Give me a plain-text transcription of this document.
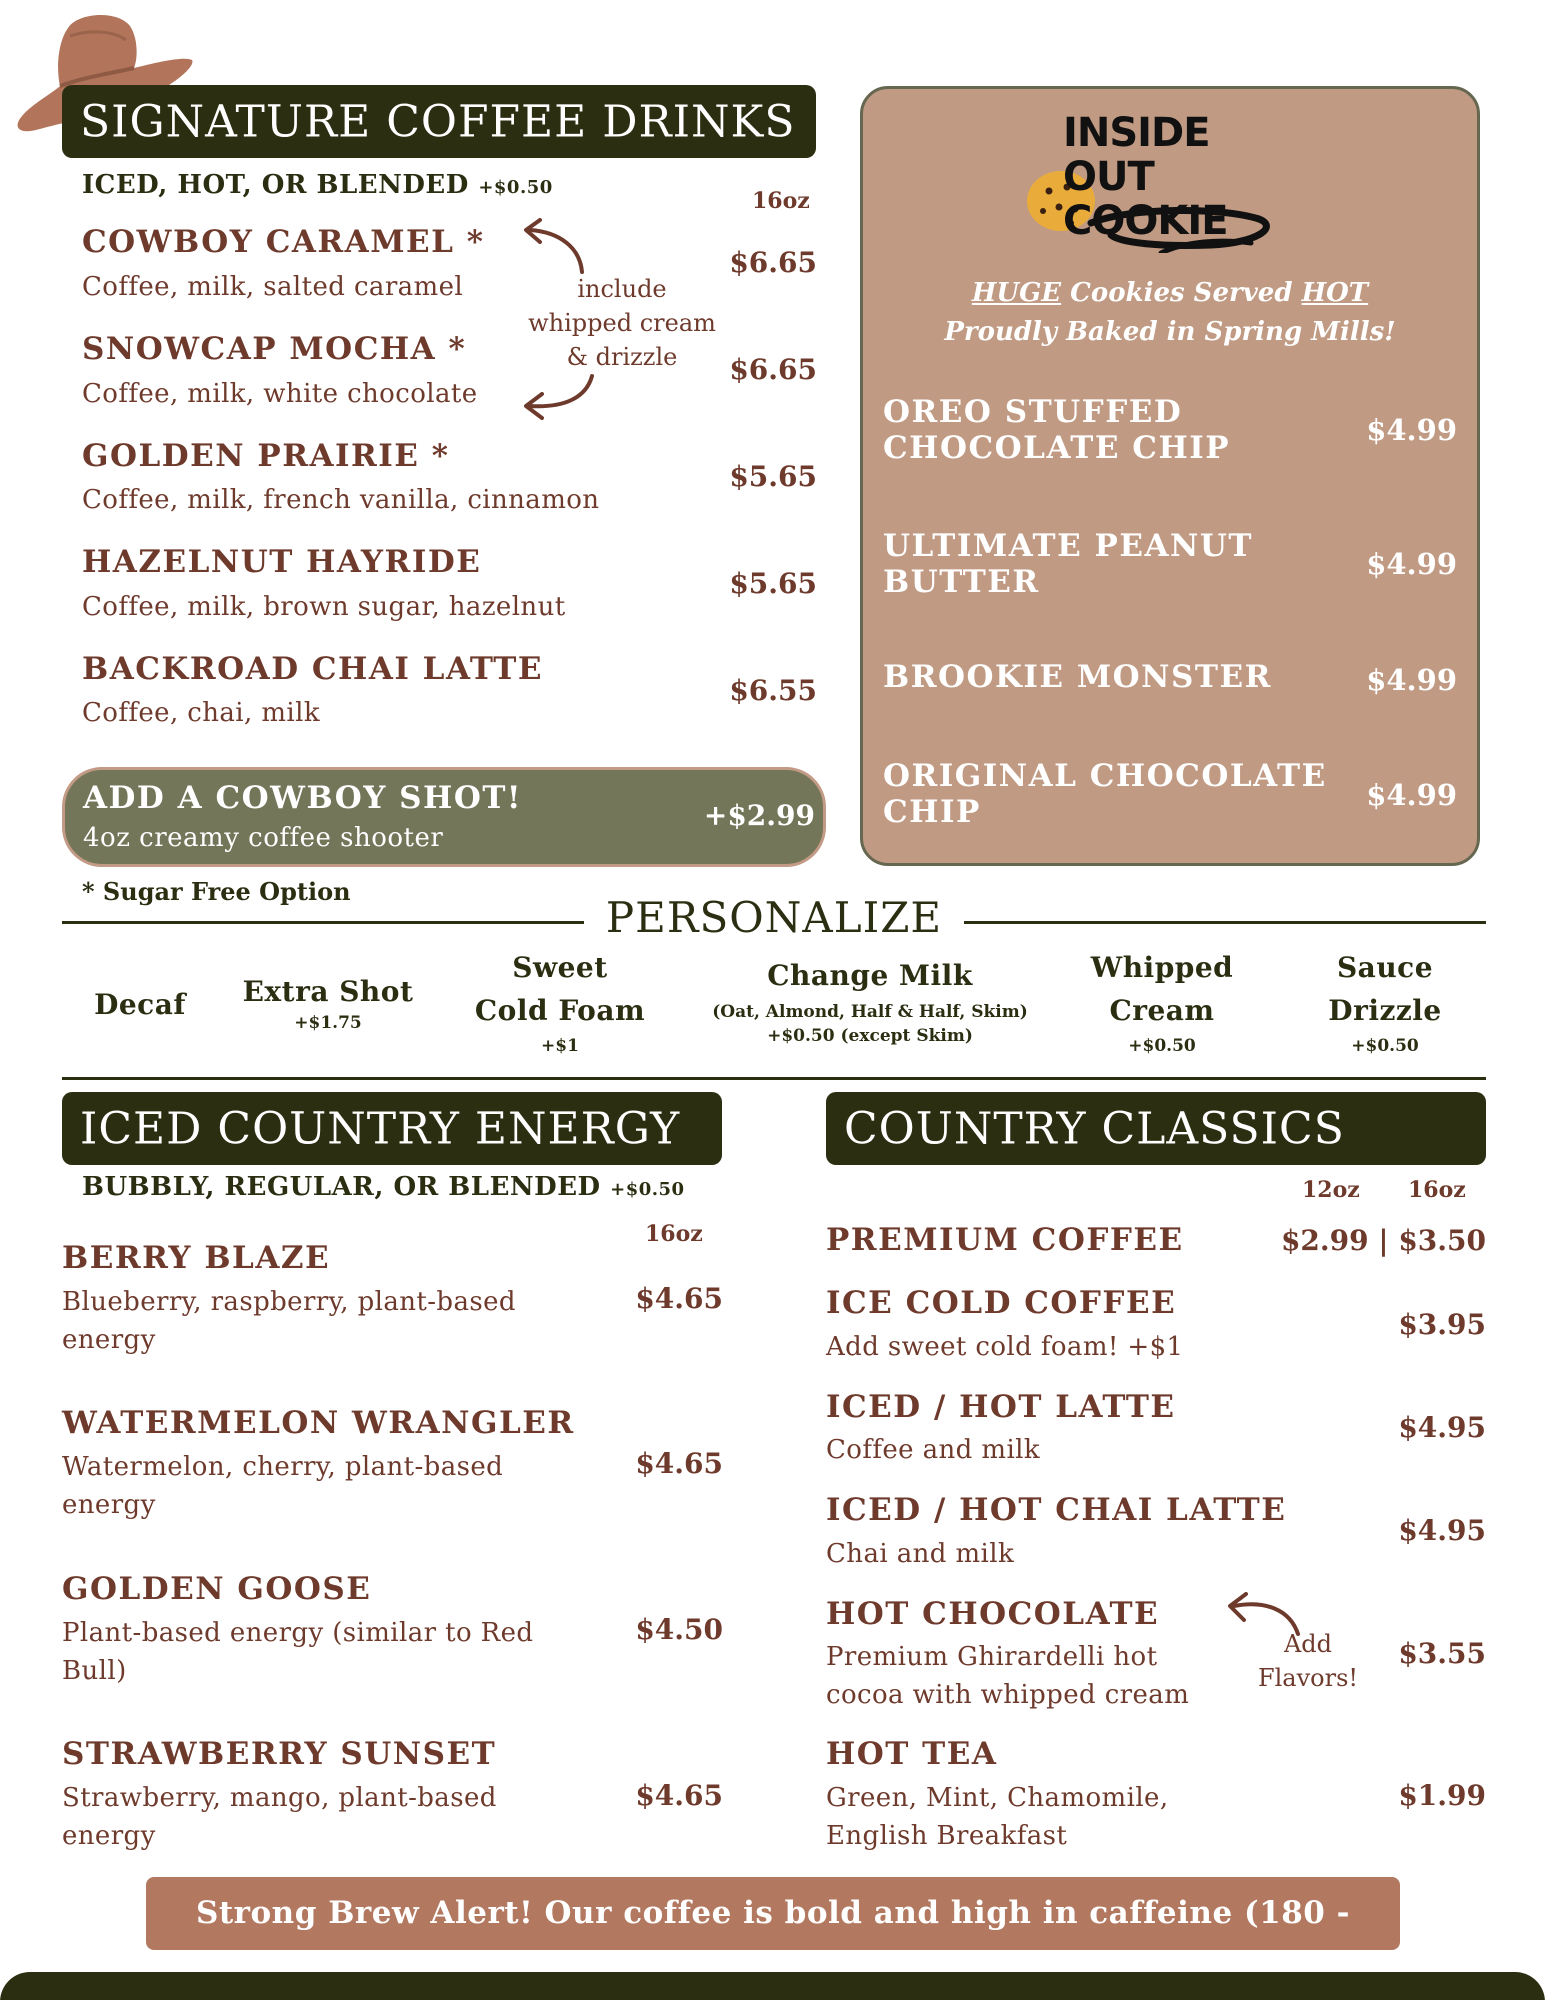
SIGNATURE COFFEE DRINKS
ICED, HOT, OR BLENDED +$0.50
16oz
COWBOY CARAMEL *
Coffee, milk, salted caramel
$6.65
SNOWCAP MOCHA *
Coffee, milk, white chocolate
$6.65
GOLDEN PRAIRIE *
Coffee, milk, french vanilla, cinnamon
$5.65
HAZELNUT HAYRIDE
Coffee, milk, brown sugar, hazelnut
$5.65
BACKROAD CHAI LATTE
Coffee, chai, milk
$6.55
include
whipped cream
& drizzle
ADD A COWBOY SHOT!
4oz creamy coffee shooter
+$2.99
* Sugar Free Option
INSIDE OUT COOKIE
HUGE Cookies Served HOT
Proudly Baked in Spring Mills!
OREO STUFFED
CHOCOLATE CHIP	$4.99
ULTIMATE PEANUT
BUTTER	$4.99
BROOKIE MONSTER	$4.99
ORIGINAL CHOCOLATE
CHIP	$4.99
PERSONALIZE
Decaf	Extra Shot
+$1.75
Sweet
Cold Foam
+$1
Change Milk
(Oat, Almond, Half & Half, Skim)
+$0.50 (except Skim)
Whipped
Cream
+$0.50
Sauce
Drizzle
+$0.50
ICED COUNTRY ENERGY
BUBBLY, REGULAR, OR BLENDED +$0.50
16oz
BERRY BLAZE
Blueberry, raspberry, plant-based
energy
$4.65
WATERMELON WRANGLER
Watermelon, cherry, plant-based
energy
$4.65
GOLDEN GOOSE
Plant-based energy (similar to Red
Bull)
$4.50
STRAWBERRY SUNSET
Strawberry, mango, plant-based
energy
$4.65
COUNTRY CLASSICS
12oz 16oz
PREMIUM COFFEE	$2.99 | $3.50
ICE COLD COFFEE
Add sweet cold foam! +$1
$3.95
ICED / HOT LATTE
Coffee and milk
$4.95
ICED / HOT CHAI LATTE
Chai and milk
$4.95
HOT CHOCOLATE
Premium Ghirardelli hot
cocoa with whipped cream
$3.55
HOT TEA
Green, Mint, Chamomile,
English Breakfast
$1.99
Add
Flavors!
Strong Brew Alert! Our coffee is bold and high in caffeine (180 -
